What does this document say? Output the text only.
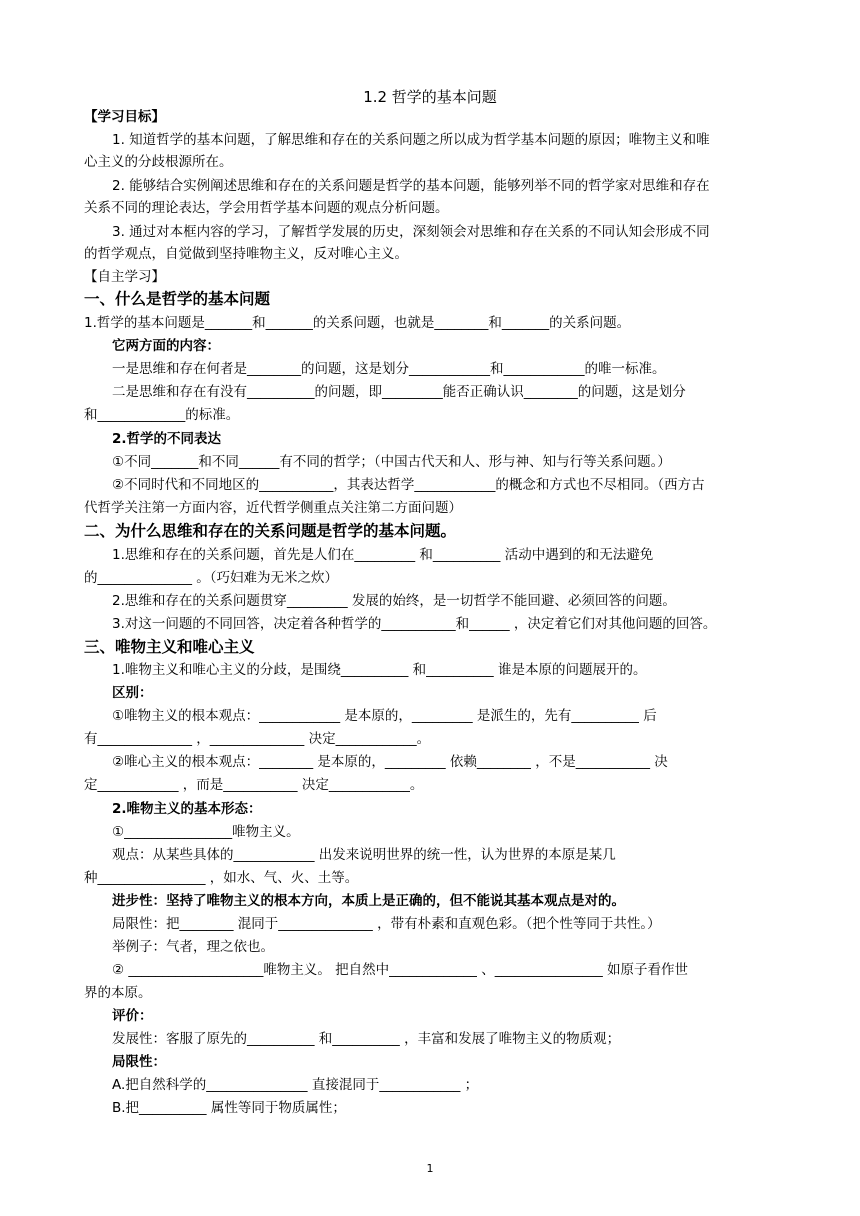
1.2 哲学的基本问题
【学习目标】
1. 知道哲学的基本问题，了解思维和存在的关系问题之所以成为哲学基本问题的原因；唯物主义和唯
心主义的分歧根源所在。
2. 能够结合实例阐述思维和存在的关系问题是哲学的基本问题，能够列举不同的哲学家对思维和存在
关系不同的理论表达，学会用哲学基本问题的观点分析问题。
3. 通过对本框内容的学习，了解哲学发展的历史，深刻领会对思维和存在关系的不同认知会形成不同
的哲学观点，自觉做到坚持唯物主义，反对唯心主义。
【自主学习】
一、什么是哲学的基本问题
1.哲学的基本问题是_______和_______的关系问题，也就是________和_______的关系问题。
它两方面的内容：
一是思维和存在何者是________的问题，这是划分____________和____________的唯一标准。
二是思维和存在有没有__________的问题，即_________能否正确认识________的问题，这是划分
和_____________的标准。
2.哲学的不同表达
①不同_______和不同______有不同的哲学；（中国古代天和人、形与神、知与行等关系问题。）
②不同时代和不同地区的___________，其表达哲学____________的概念和方式也不尽相同。（西方古
代哲学关注第一方面内容，近代哲学侧重点关注第二方面问题）
二、为什么思维和存在的关系问题是哲学的基本问题。
1.思维和存在的关系问题，首先是人们在_________ 和__________ 活动中遇到的和无法避免
的______________ 。（巧妇难为无米之炊）
2.思维和存在的关系问题贯穿_________ 发展的始终，是一切哲学不能回避、必须回答的问题。
3.对这一问题的不同回答，决定着各种哲学的___________和______ ，决定着它们对其他问题的回答。
三、唯物主义和唯心主义
1.唯物主义和唯心主义的分歧，是围绕__________ 和__________ 谁是本原的问题展开的。
区别：
①唯物主义的根本观点：____________ 是本原的，_________ 是派生的，先有__________ 后
有______________ ，______________ 决定____________。
②唯心主义的根本观点：________ 是本原的，_________ 依赖________ ，不是___________ 决
定____________ ，而是___________ 决定____________。
2.唯物主义的基本形态：
①________________唯物主义。
观点：从某些具体的____________ 出发来说明世界的统一性，认为世界的本原是某几
种________________ ，如水、气、火、土等。
进步性：坚持了唯物主义的根本方向，本质上是正确的，但不能说其基本观点是对的。
局限性：把________ 混同于______________ ，带有朴素和直观色彩。（把个性等同于共性。）
举例子：气者，理之依也。
② ____________________唯物主义。 把自然中_____________ 、________________ 如原子看作世
界的本原。
评价：
发展性：客服了原先的__________ 和__________ ，丰富和发展了唯物主义的物质观；
局限性：
A.把自然科学的_______________ 直接混同于____________ ；
B.把__________ 属性等同于物质属性；
1
